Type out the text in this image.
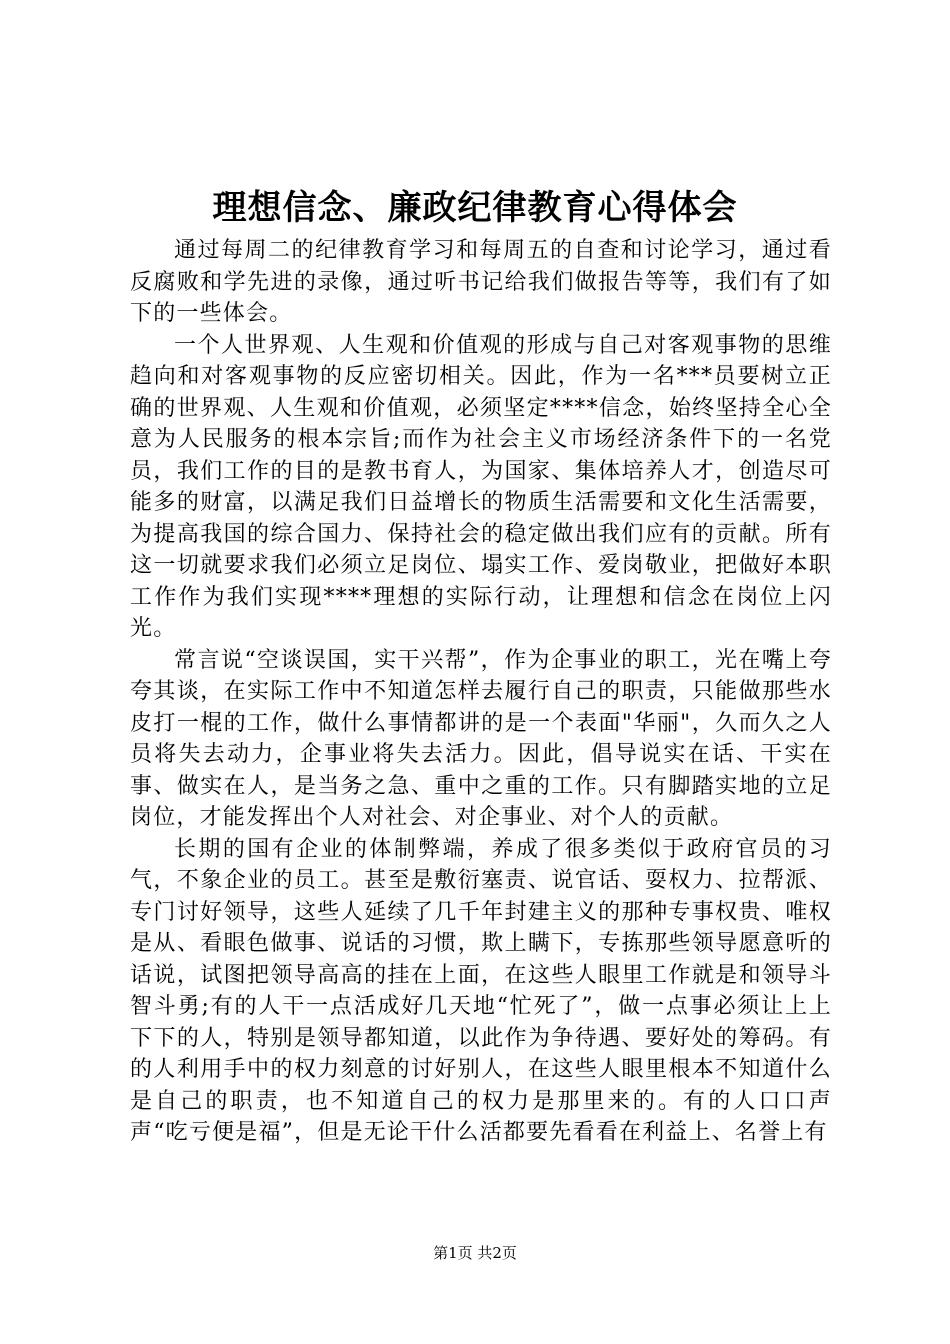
理想信念、廉政纪律教育心得体会

通过每周二的纪律教育学习和每周五的自查和讨论学习，通过看反腐败和学先进的录像，通过听书记给我们做报告等等，我们有了如下的一些体会。

一个人世界观、人生观和价值观的形成与自己对客观事物的思维趋向和对客观事物的反应密切相关。因此，作为一名***员要树立正确的世界观、人生观和价值观，必须坚定****信念，始终坚持全心全意为人民服务的根本宗旨;而作为社会主义市场经济条件下的一名党员，我们工作的目的是教书育人，为国家、集体培养人才，创造尽可能多的财富，以满足我们日益增长的物质生活需要和文化生活需要，为提高我国的综合国力、保持社会的稳定做出我们应有的贡献。所有这一切就要求我们必须立足岗位、塌实工作、爱岗敬业，把做好本职工作作为我们实现****理想的实际行动，让理想和信念在岗位上闪光。

常言说“空谈误国，实干兴帮”，作为企事业的职工，光在嘴上夸夸其谈，在实际工作中不知道怎样去履行自己的职责，只能做那些水皮打一棍的工作，做什么事情都讲的是一个表面"华丽"，久而久之人员将失去动力，企事业将失去活力。因此，倡导说实在话、干实在事、做实在人，是当务之急、重中之重的工作。只有脚踏实地的立足岗位，才能发挥出个人对社会、对企事业、对个人的贡献。

长期的国有企业的体制弊端，养成了很多类似于政府官员的习气，不象企业的员工。甚至是敷衍塞责、说官话、耍权力、拉帮派、专门讨好领导，这些人延续了几千年封建主义的那种专事权贵、唯权是从、看眼色做事、说话的习惯，欺上瞒下，专拣那些领导愿意听的话说，试图把领导高高的挂在上面，在这些人眼里工作就是和领导斗智斗勇;有的人干一点活成好几天地“忙死了”，做一点事必须让上上下下的人，特别是领导都知道，以此作为争待遇、要好处的筹码。有的人利用手中的权力刻意的讨好别人，在这些人眼里根本不知道什么是自己的职责，也不知道自己的权力是那里来的。有的人口口声声“吃亏便是福”，但是无论干什么活都要先看看在利益上、名誉上有

第1页 共2页
